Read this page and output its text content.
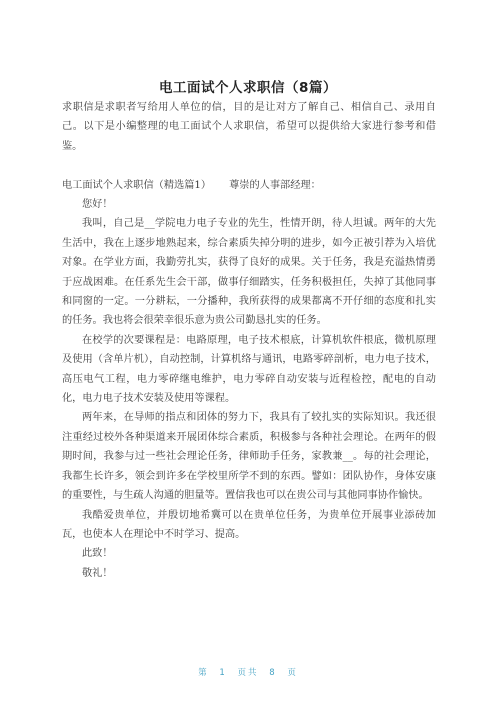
电工面试个人求职信（8篇）

求职信是求职者写给用人单位的信，目的是让对方了解自己、相信自己、录用自己。以下是小编整理的电工面试个人求职信，希望可以提供给大家进行参考和借鉴。

电工面试个人求职信（精选篇1） 尊崇的人事部经理：

您好！

我叫，自己是__学院电力电子专业的先生，性情开朗，待人坦诚。两年的大先生活中，我在上逐步地熟起来，综合素质失掉分明的进步，如今正被引荐为入培优对象。在学业方面，我勤劳扎实，获得了良好的成果。关于任务，我是充溢热情勇于应战困难。在任系先生会干部，做事仔细踏实，任务积极担任，失掉了其他同事和同窗的一定。一分耕耘，一分播种，我所获得的成果都离不开仔细的态度和扎实的任务。我也将会很荣幸很乐意为贵公司勤恳扎实的任务。

在校学的次要课程是：电路原理，电子技术根底，计算机软件根底，微机原理及使用（含单片机），自动控制，计算机络与通讯，电路零碎剖析，电力电子技术，高压电气工程，电力零碎继电维护，电力零碎自动安装与近程检控，配电的自动化，电力电子技术安装及使用等课程。

两年来，在导师的指点和团体的努力下，我具有了较扎实的实际知识。我还很注重经过校外各种渠道来开展团体综合素质，积极参与各种社会理论。在两年的假期时间，我参与过一些社会理论任务，律师助手任务，家教兼__。每的社会理论，我都生长许多，领会到许多在学校里所学不到的东西。譬如：团队协作，身体安康的重要性，与生疏人沟通的胆量等。置信我也可以在贵公司与其他同事协作愉快。

我酷爱贵单位，并殷切地希冀可以在贵单位任务，为贵单位开展事业添砖加瓦，也使本人在理论中不时学习、提高。

此致！

敬礼！

第 1 页共 8 页
